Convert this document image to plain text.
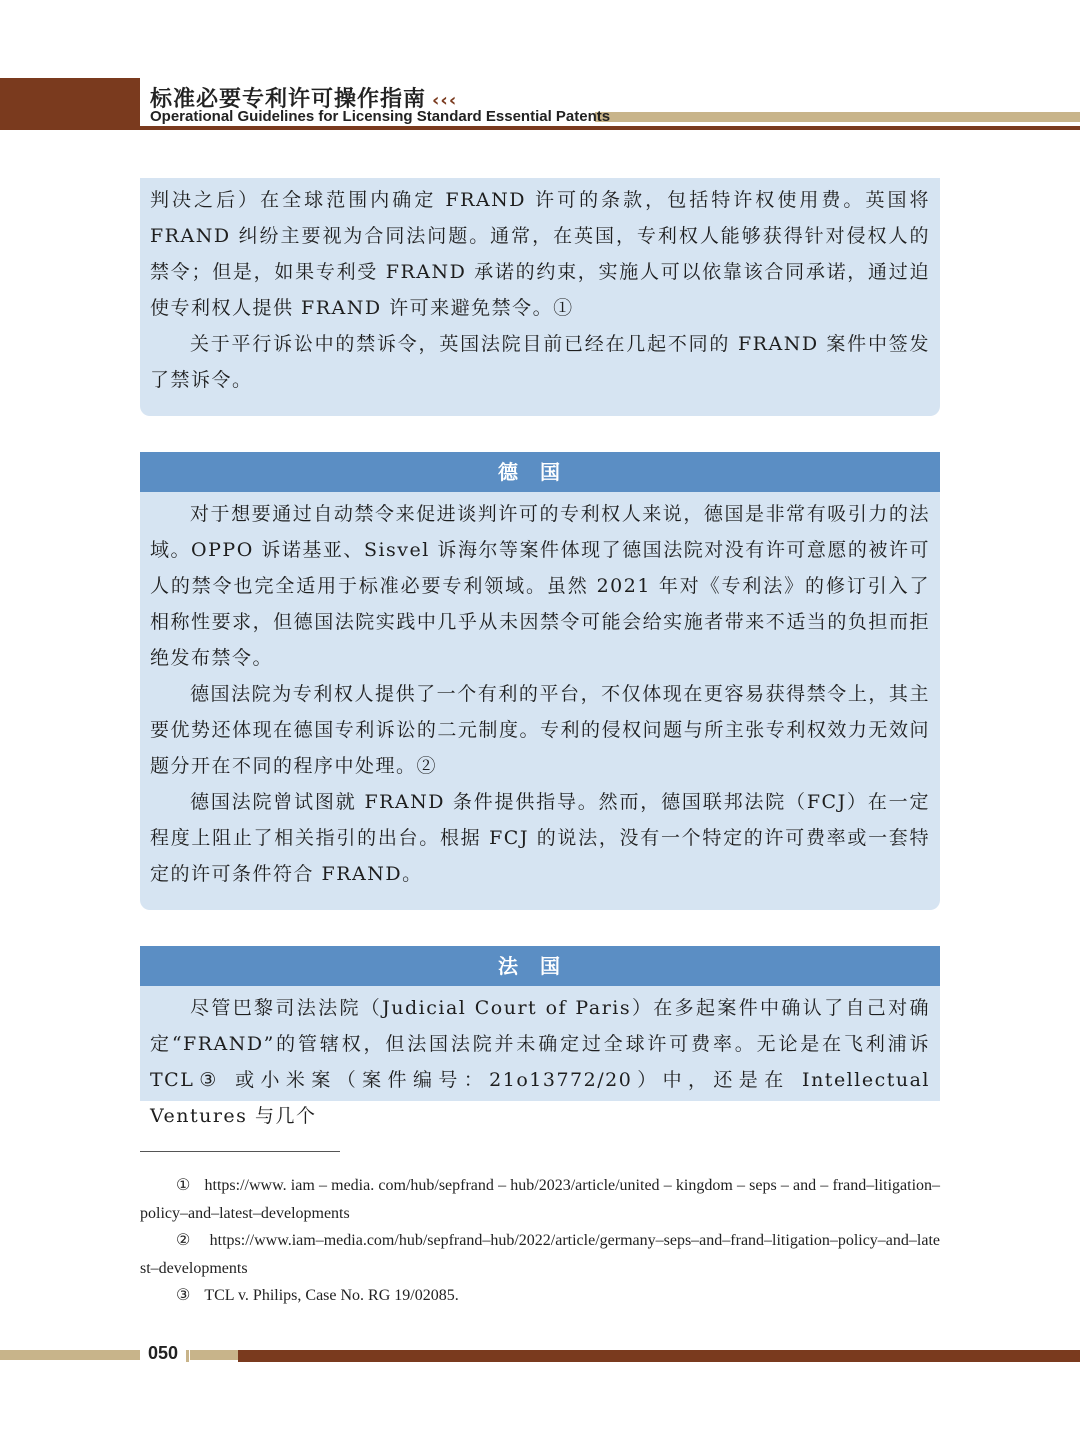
标准必要专利许可操作指南 ‹‹‹
Operational Guidelines for Licensing Standard Essential Patents

判决之后）在全球范围内确定 FRAND 许可的条款，包括特许权使用费。英国将 FRAND 纠纷主要视为合同法问题。通常，在英国，专利权人能够获得针对侵权人的禁令；但是，如果专利受 FRAND 承诺的约束，实施人可以依靠该合同承诺，通过迫使专利权人提供 FRAND 许可来避免禁令。①

关于平行诉讼中的禁诉令，英国法院目前已经在几起不同的 FRAND 案件中签发了禁诉令。

德国

对于想要通过自动禁令来促进谈判许可的专利权人来说，德国是非常有吸引力的法域。OPPO 诉诺基亚、Sisvel 诉海尔等案件体现了德国法院对没有许可意愿的被许可人的禁令也完全适用于标准必要专利领域。虽然 2021 年对《专利法》的修订引入了相称性要求，但德国法院实践中几乎从未因禁令可能会给实施者带来不适当的负担而拒绝发布禁令。

德国法院为专利权人提供了一个有利的平台，不仅体现在更容易获得禁令上，其主要优势还体现在德国专利诉讼的二元制度。专利的侵权问题与所主张专利权效力无效问题分开在不同的程序中处理。②

德国法院曾试图就 FRAND 条件提供指导。然而，德国联邦法院（FCJ）在一定程度上阻止了相关指引的出台。根据 FCJ 的说法，没有一个特定的许可费率或一套特定的许可条件符合 FRAND。

法国

尽管巴黎司法法院（Judicial Court of Paris）在多起案件中确认了自己对确定“FRAND”的管辖权，但法国法院并未确定过全球许可费率。无论是在飞利浦诉 TCL③ 或小米案（案件编号：21o13772/20）中，还是在 Intellectual Ventures 与几个

① https://www. iam – media. com/hub/sepfrand – hub/2023/article/united – kingdom – seps – and – frand–litigation–policy–and–latest–developments

② https://www.iam–media.com/hub/sepfrand–hub/2022/article/germany–seps–and–frand–litigation–policy–and–latest–developments

③ TCL v. Philips, Case No. RG 19/02085.

050
